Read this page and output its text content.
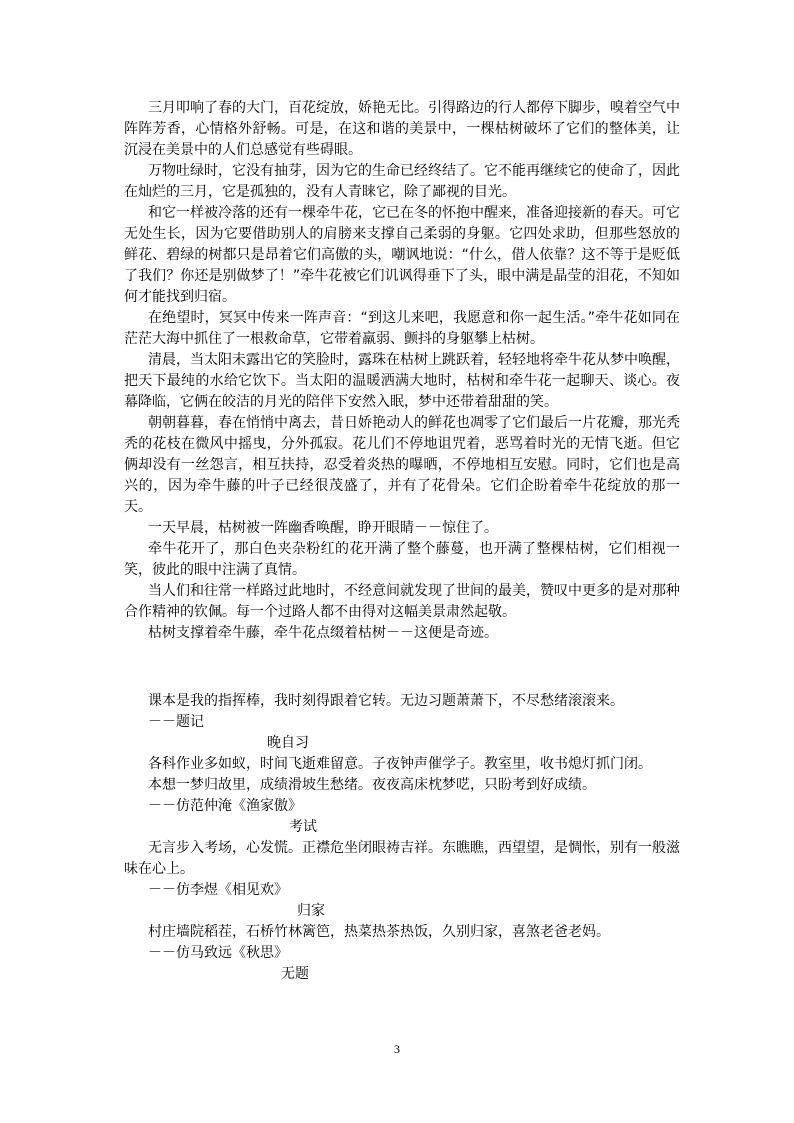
三月叩响了春的大门，百花绽放，娇艳无比。引得路边的行人都停下脚步，嗅着空气中阵阵芳香，心情格外舒畅。可是，在这和谐的美景中，一棵枯树破坏了它们的整体美，让沉浸在美景中的人们总感觉有些碍眼。

万物吐绿时，它没有抽芽，因为它的生命已经终结了。它不能再继续它的使命了，因此在灿烂的三月，它是孤独的，没有人青睐它，除了鄙视的目光。

和它一样被冷落的还有一棵牵牛花，它已在冬的怀抱中醒来，准备迎接新的春天。可它无处生长，因为它要借助别人的肩膀来支撑自己柔弱的身躯。它四处求助，但那些怒放的鲜花、碧绿的树都只是昂着它们高傲的头，嘲讽地说：“什么，借人依靠？这不等于是贬低了我们？你还是别做梦了！”牵牛花被它们讥讽得垂下了头，眼中满是晶莹的泪花，不知如何才能找到归宿。

在绝望时，冥冥中传来一阵声音：“到这儿来吧，我愿意和你一起生活。”牵牛花如同在茫茫大海中抓住了一根救命草，它带着羸弱、颤抖的身躯攀上枯树。

清晨，当太阳未露出它的笑脸时，露珠在枯树上跳跃着，轻轻地将牵牛花从梦中唤醒，把天下最纯的水给它饮下。当太阳的温暖洒满大地时，枯树和牵牛花一起聊天、谈心。夜幕降临，它俩在皎洁的月光的陪伴下安然入眠，梦中还带着甜甜的笑。

朝朝暮暮，春在悄悄中离去，昔日娇艳动人的鲜花也凋零了它们最后一片花瓣，那光秃秃的花枝在微风中摇曳，分外孤寂。花儿们不停地诅咒着，恶骂着时光的无情飞逝。但它俩却没有一丝怨言，相互扶持，忍受着炎热的曝晒，不停地相互安慰。同时，它们也是高兴的，因为牵牛藤的叶子已经很茂盛了，并有了花骨朵。它们企盼着牵牛花绽放的那一天。

一天早晨，枯树被一阵幽香唤醒，睁开眼睛－－惊住了。

牵牛花开了，那白色夹杂粉红的花开满了整个藤蔓，也开满了整棵枯树，它们相视一笑，彼此的眼中注满了真情。

当人们和往常一样路过此地时，不经意间就发现了世间的最美，赞叹中更多的是对那种合作精神的钦佩。每一个过路人都不由得对这幅美景肃然起敬。

枯树支撑着牵牛藤，牵牛花点缀着枯树－－这便是奇迹。

课本是我的指挥棒，我时刻得跟着它转。无边习题萧萧下，不尽愁绪滚滚来。

－－题记

晚自习

各科作业多如蚁，时间飞逝难留意。子夜钟声催学子。教室里，收书熄灯抓门闭。

本想一梦归故里，成绩滑坡生愁绪。夜夜高床枕梦呓，只盼考到好成绩。

－－仿范仲淹《渔家傲》

考试

无言步入考场，心发慌。正襟危坐闭眼祷吉祥。东瞧瞧，西望望，是惆怅，别有一般滋味在心上。

－－仿李煜《相见欢》

归家

村庄墙院稻茬，石桥竹林篱笆，热菜热茶热饭，久别归家，喜煞老爸老妈。

－－仿马致远《秋思》

无题

3
